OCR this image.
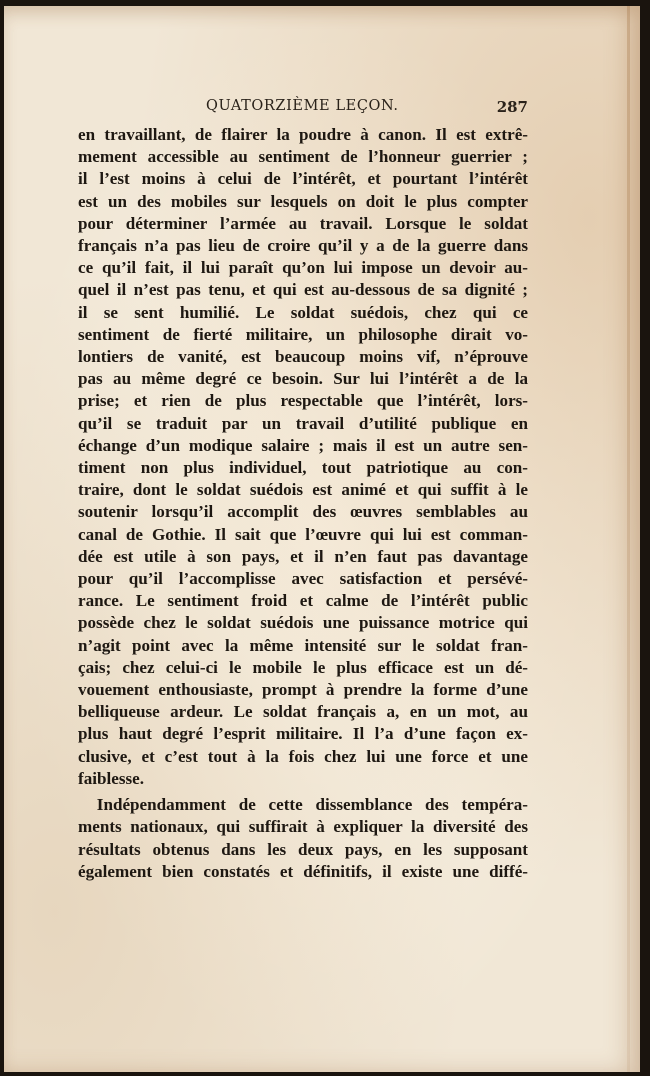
QUATORZIÈME LEÇON.	287
en travaillant, de flairer la poudre à canon. Il est extrê-
mement accessible au sentiment de l’honneur guerrier ;
il l’est moins à celui de l’intérêt, et pourtant l’intérêt
est un des mobiles sur lesquels on doit le plus compter
pour déterminer l’armée au travail. Lorsque le soldat
français n’a pas lieu de croire qu’il y a de la guerre dans
ce qu’il fait, il lui paraît qu’on lui impose un devoir au-
quel il n’est pas tenu, et qui est au-dessous de sa dignité ;
il se sent humilié. Le soldat suédois, chez qui ce
sentiment de fierté militaire, un philosophe dirait vo-
lontiers de vanité, est beaucoup moins vif, n’éprouve
pas au même degré ce besoin. Sur lui l’intérêt a de la
prise; et rien de plus respectable que l’intérêt, lors-
qu’il se traduit par un travail d’utilité publique en
échange d’un modique salaire ; mais il est un autre sen-
timent non plus individuel, tout patriotique au con-
traire, dont le soldat suédois est animé et qui suffit à le
soutenir lorsqu’il accomplit des œuvres semblables au
canal de Gothie. Il sait que l’œuvre qui lui est comman-
dée est utile à son pays, et il n’en faut pas davantage
pour qu’il l’accomplisse avec satisfaction et persévé-
rance. Le sentiment froid et calme de l’intérêt public
possède chez le soldat suédois une puissance motrice qui
n’agit point avec la même intensité sur le soldat fran-
çais; chez celui-ci le mobile le plus efficace est un dé-
vouement enthousiaste, prompt à prendre la forme d’une
belliqueuse ardeur. Le soldat français a, en un mot, au
plus haut degré l’esprit militaire. Il l’a d’une façon ex-
clusive, et c’est tout à la fois chez lui une force et une
faiblesse.
Indépendamment de cette dissemblance des tempéra-
ments nationaux, qui suffirait à expliquer la diversité des
résultats obtenus dans les deux pays, en les supposant
également bien constatés et définitifs, il existe une diffé-
